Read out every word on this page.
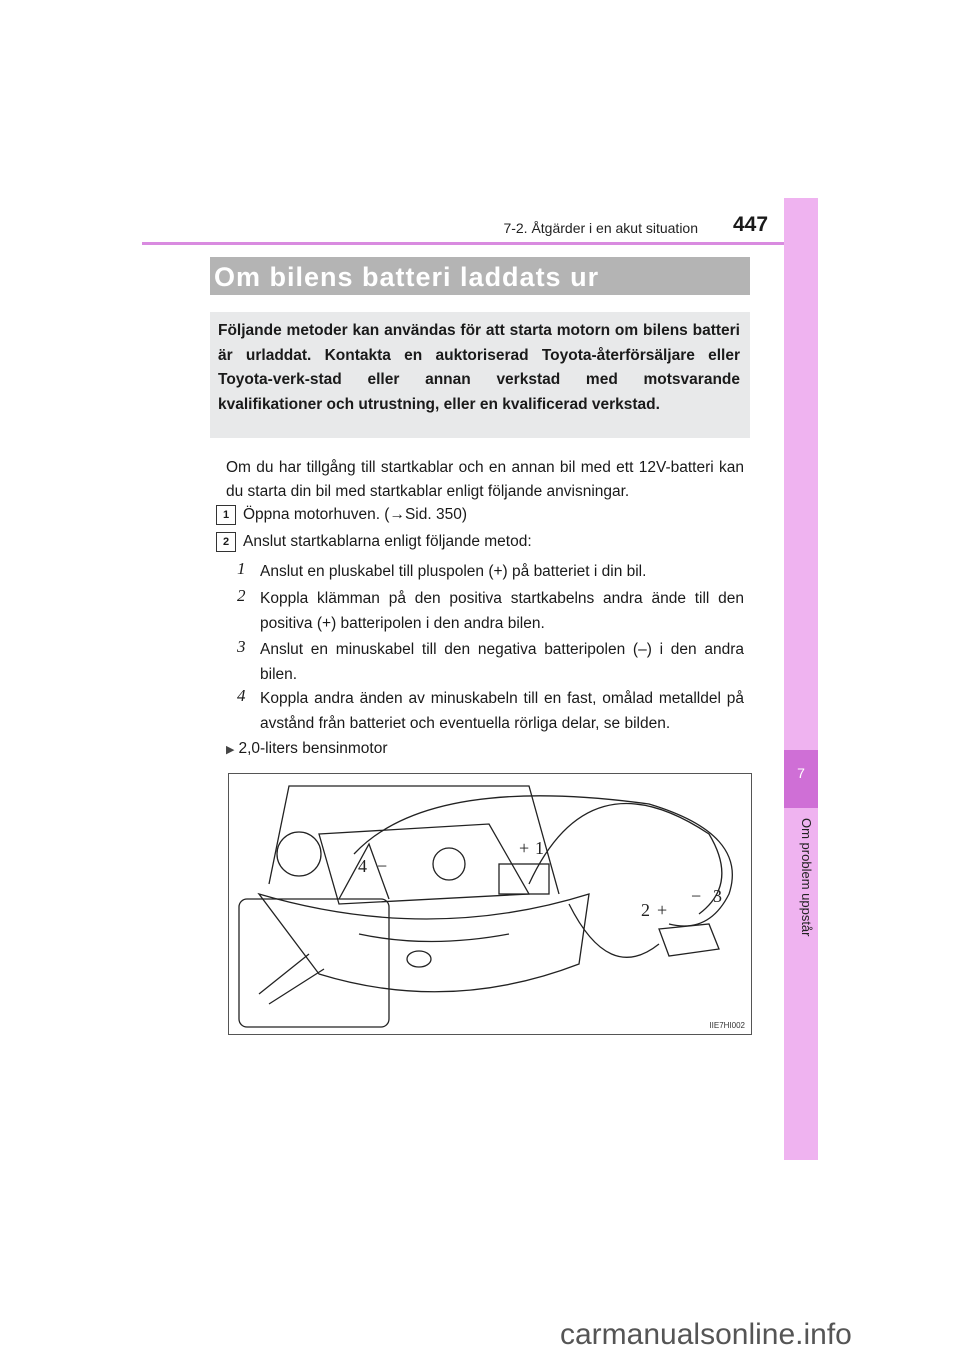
7-2. Åtgärder i en akut situation 447
7
Om problem uppstår
Om bilens batteri laddats ur
Följande metoder kan användas för att starta motorn om bilens batteri är urladdat. Kontakta en auktoriserad Toyota-återförsäljare eller Toyota-verk-stad eller annan verkstad med motsvarande kvalifikationer och utrustning, eller en kvalificerad verkstad.
Om du har tillgång till startkablar och en annan bil med ett 12V-batteri kan du starta din bil med startkablar enligt följande anvisningar.
1 Öppna motorhuven. (→Sid. 350)
2 Anslut startkablarna enligt följande metod:
1 Anslut en pluskabel till pluspolen (+) på batteriet i din bil.
2 Koppla klämman på den positiva startkabelns andra ände till den positiva (+) batteripolen i den andra bilen.
3 Anslut en minuskabel till den negativa batteripolen (–) i den andra bilen.
4 Koppla andra änden av minuskabeln till en fast, omålad metalldel på avstånd från batteriet och eventuella rörliga delar, se bilden.
▶ 2,0-liters bensinmotor
4 −
1
+
2 +
− 3
IIE7HI002
carmanualsonline.info
